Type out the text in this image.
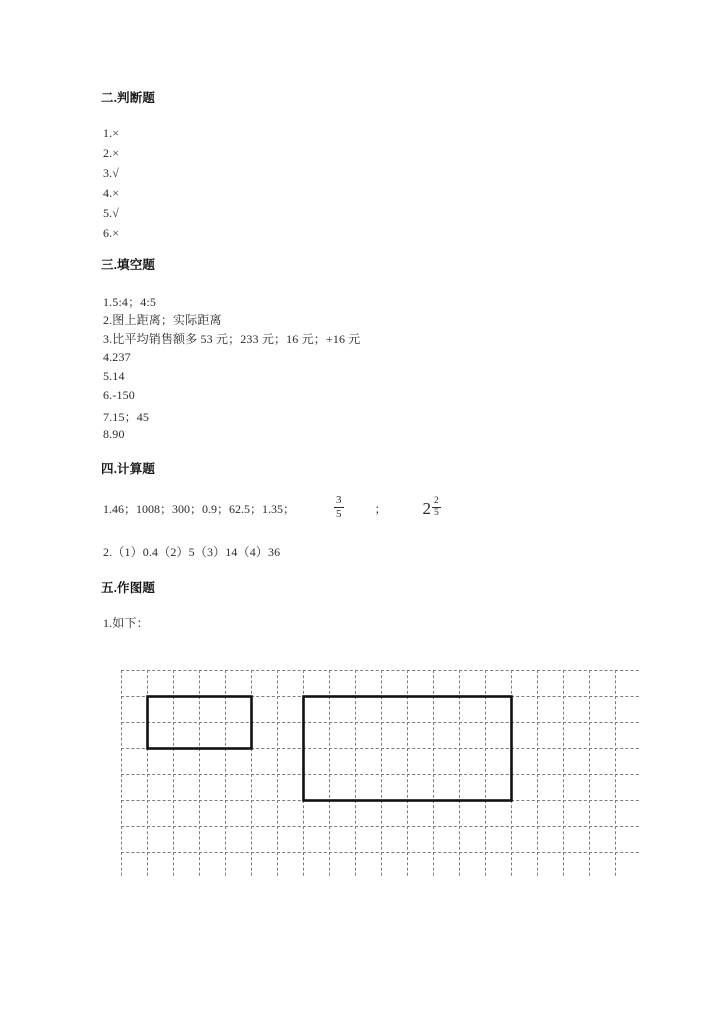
二.判断题
1.×
2.×
3.√
4.×
5.√
6.×
三.填空题
1.5:4；4:5
2.图上距离；实际距离
3.比平均销售额多 53 元；233 元；16 元；+16 元
4.237
5.14
6.-150
7.15；45
8.90
四.计算题
1.46；1008；300；0.9；62.5；1.35；	$\frac{3}{5}$	； $2 \frac{2}{5}$
2.（1）0.4（2）5（3）14（4）36
五.作图题
1.如下：
